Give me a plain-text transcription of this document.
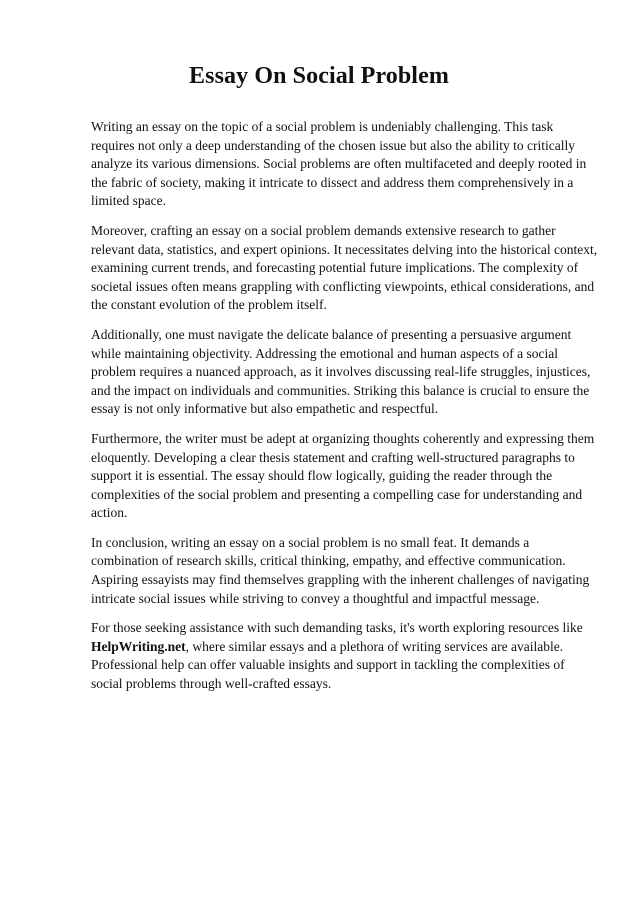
Essay On Social Problem

Writing an essay on the topic of a social problem is undeniably challenging. This task requires not only a deep understanding of the chosen issue but also the ability to critically analyze its various dimensions. Social problems are often multifaceted and deeply rooted in the fabric of society, making it intricate to dissect and address them comprehensively in a limited space.

Moreover, crafting an essay on a social problem demands extensive research to gather relevant data, statistics, and expert opinions. It necessitates delving into the historical context, examining current trends, and forecasting potential future implications. The complexity of societal issues often means grappling with conflicting viewpoints, ethical considerations, and the constant evolution of the problem itself.

Additionally, one must navigate the delicate balance of presenting a persuasive argument while maintaining objectivity. Addressing the emotional and human aspects of a social problem requires a nuanced approach, as it involves discussing real-life struggles, injustices, and the impact on individuals and communities. Striking this balance is crucial to ensure the essay is not only informative but also empathetic and respectful.

Furthermore, the writer must be adept at organizing thoughts coherently and expressing them eloquently. Developing a clear thesis statement and crafting well-structured paragraphs to support it is essential. The essay should flow logically, guiding the reader through the complexities of the social problem and presenting a compelling case for understanding and action.

In conclusion, writing an essay on a social problem is no small feat. It demands a combination of research skills, critical thinking, empathy, and effective communication. Aspiring essayists may find themselves grappling with the inherent challenges of navigating intricate social issues while striving to convey a thoughtful and impactful message.

For those seeking assistance with such demanding tasks, it's worth exploring resources like HelpWriting.net, where similar essays and a plethora of writing services are available. Professional help can offer valuable insights and support in tackling the complexities of social problems through well-crafted essays.
